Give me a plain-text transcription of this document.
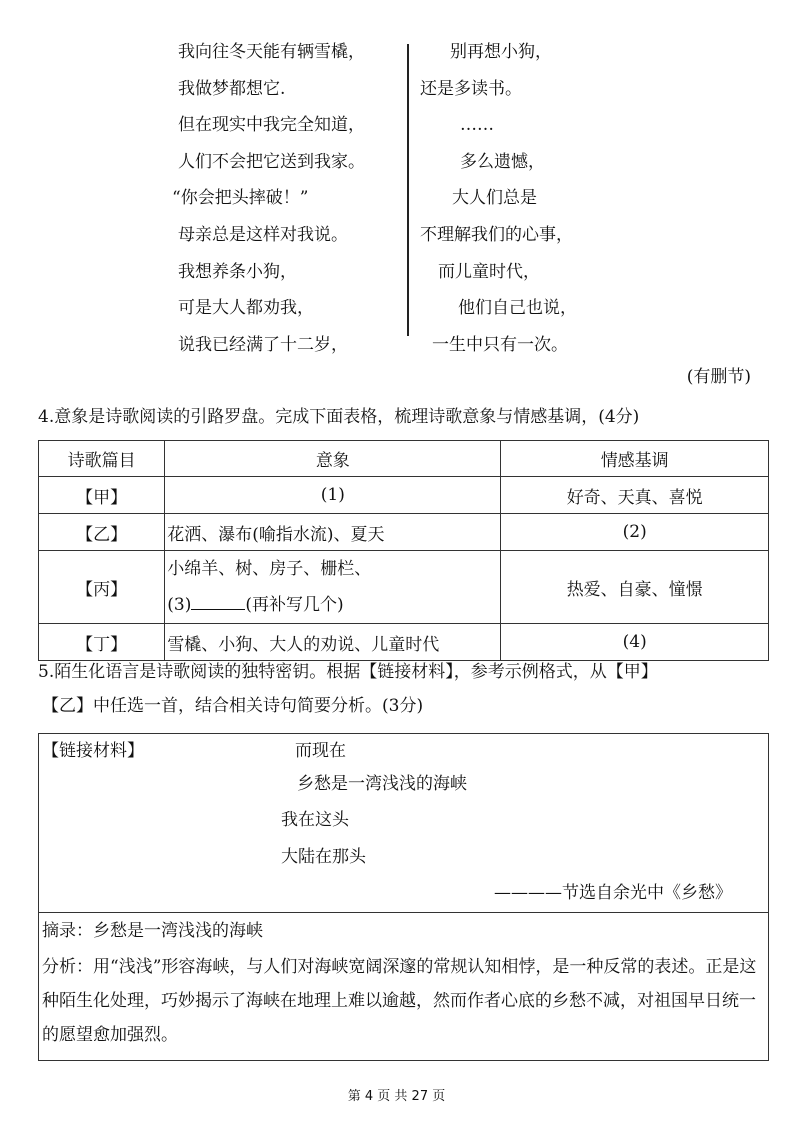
我向往冬天能有辆雪橇，
我做梦都想它.
但在现实中我完全知道，
人们不会把它送到我家。
“你会把头摔破！”
母亲总是这样对我说。
我想养条小狗，
可是大人都劝我，
说我已经满了十二岁，
别再想小狗，
还是多读书。
……
多么遗憾，
大人们总是
不理解我们的心事，
而儿童时代，
他们自己也说，
一生中只有一次。
(有删节)
4.意象是诗歌阅读的引路罗盘。完成下面表格，梳理诗歌意象与情感基调，(4分)
诗歌篇目	意象	情感基调
【甲】	(1)	好奇、天真、喜悦
【乙】	花洒、瀑布(喻指水流)、夏天	(2)
【丙】	小绵羊、树、房子、栅栏、
(3) (再补写几个)	热爱、自豪、憧憬
【丁】	雪橇、小狗、大人的劝说、儿童时代	(4)
5.陌生化语言是诗歌阅读的独特密钥。根据【链接材料】，参考示例格式，从【甲】
【乙】中任选一首，结合相关诗句简要分析。(3分)
【链接材料】	而现在
乡愁是一湾浅浅的海峡
我在这头
大陆在那头
————节选自余光中《乡愁》
摘录：乡愁是一湾浅浅的海峡
分析：用“浅浅”形容海峡，与人们对海峡宽阔深邃的常规认知相悖，是一种反常的表述。正是这种陌生化处理，巧妙揭示了海峡在地理上难以逾越，然而作者心底的乡愁不减，对祖国早日统一的愿望愈加强烈。
第 4 页 共 27 页
